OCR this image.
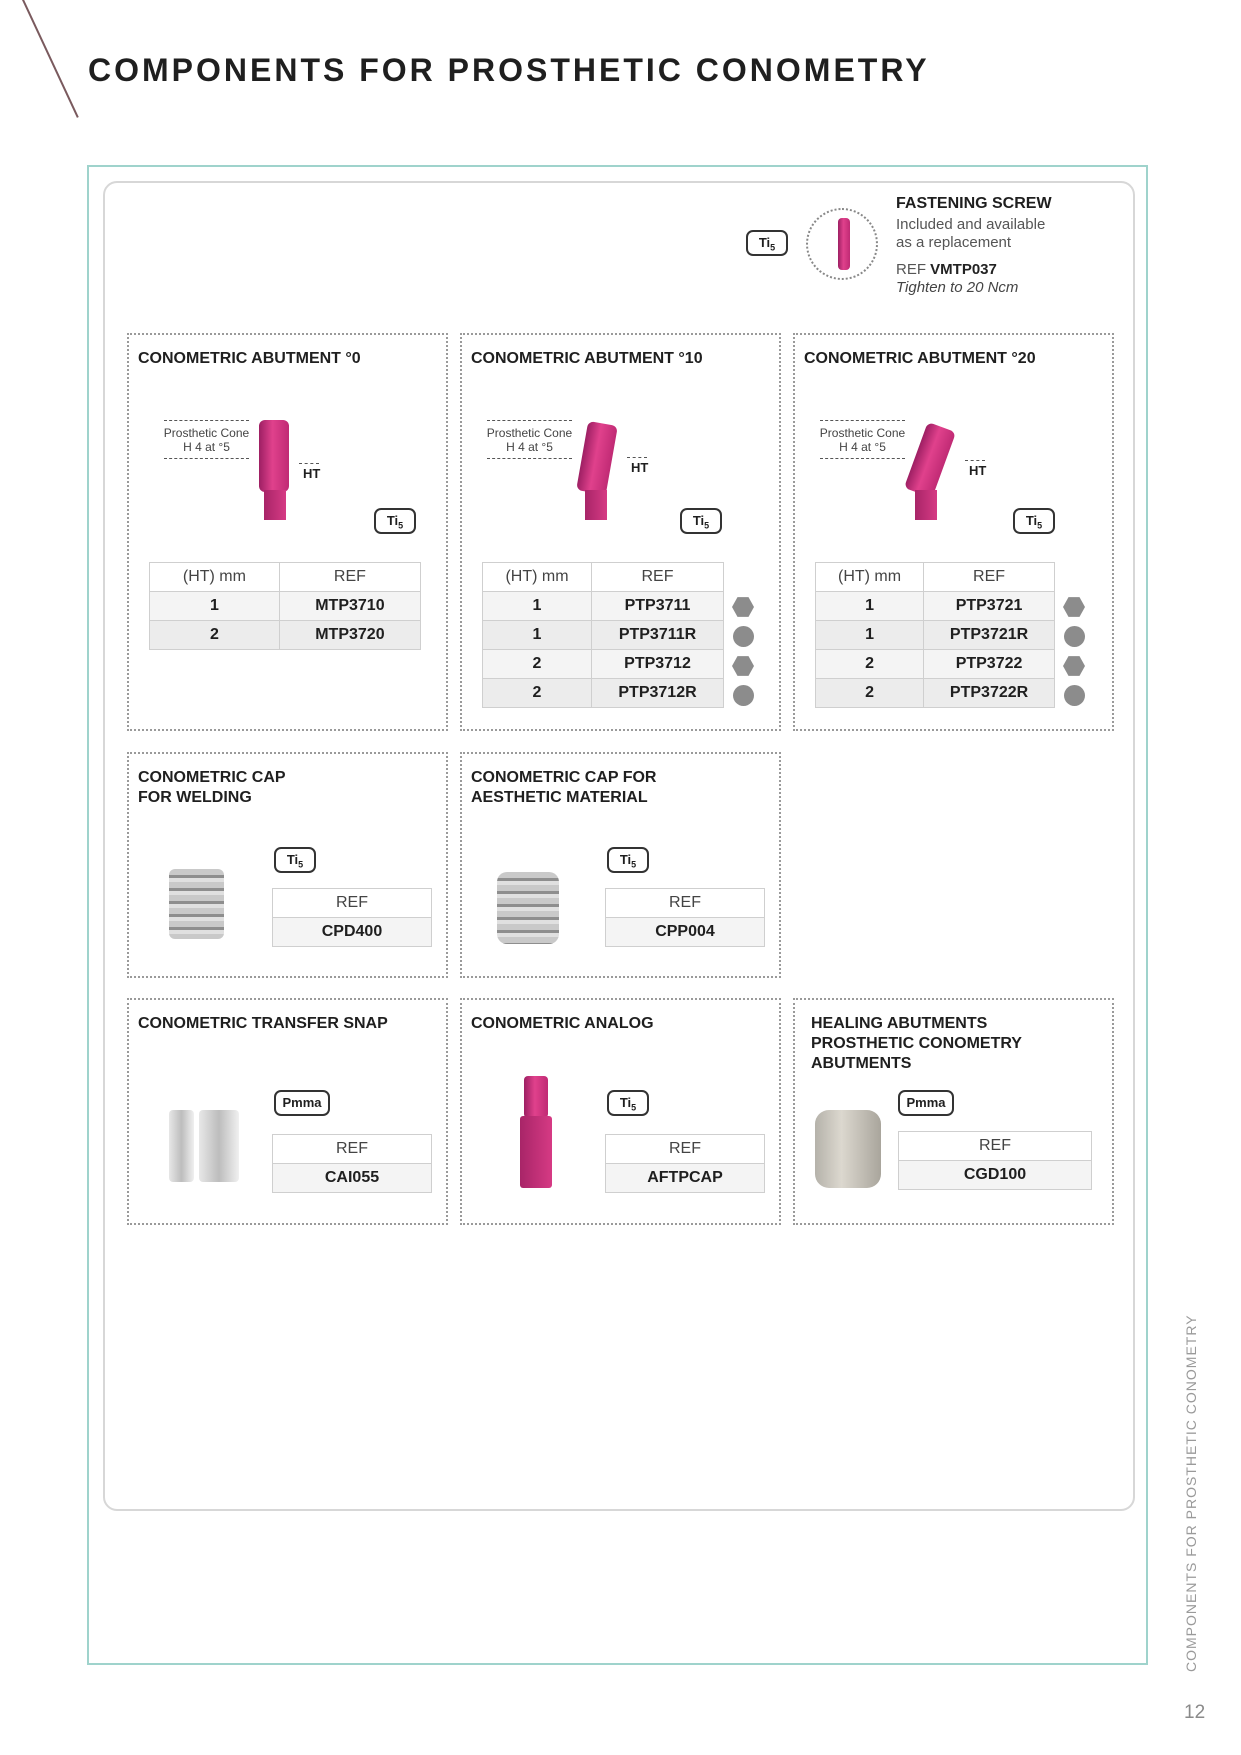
COMPONENTS FOR PROSTHETIC CONOMETRY
$Ti_5$
FASTENING SCREW
Included and available
as a replacement
REF VMTP037
Tighten to 20 Ncm
CONOMETRIC ABUTMENT °0
Prosthetic Cone
H 4 at °5
HT
$Ti_5$
(HT) mm	REF
1	MTP3710
2	MTP3720
CONOMETRIC ABUTMENT °10
Prosthetic Cone
H 4 at °5
HT
$Ti_5$
(HT) mm	REF
1	PTP3711
1	PTP3711R
2	PTP3712
2	PTP3712R
CONOMETRIC ABUTMENT °20
Prosthetic Cone
H 4 at °5
HT
$Ti_5$
(HT) mm	REF
1	PTP3721
1	PTP3721R
2	PTP3722
2	PTP3722R
CONOMETRIC CAP
FOR WELDING
$Ti_5$
REF
CPD400
CONOMETRIC CAP FOR
AESTHETIC MATERIAL
$Ti_5$
REF
CPP004
CONOMETRIC TRANSFER SNAP
Pmma
REF
CAI055
CONOMETRIC ANALOG
$Ti_5$
REF
AFTPCAP
HEALING ABUTMENTS
PROSTHETIC CONOMETRY
ABUTMENTS
Pmma
REF
CGD100
COMPONENTS FOR PROSTHETIC CONOMETRY
12
